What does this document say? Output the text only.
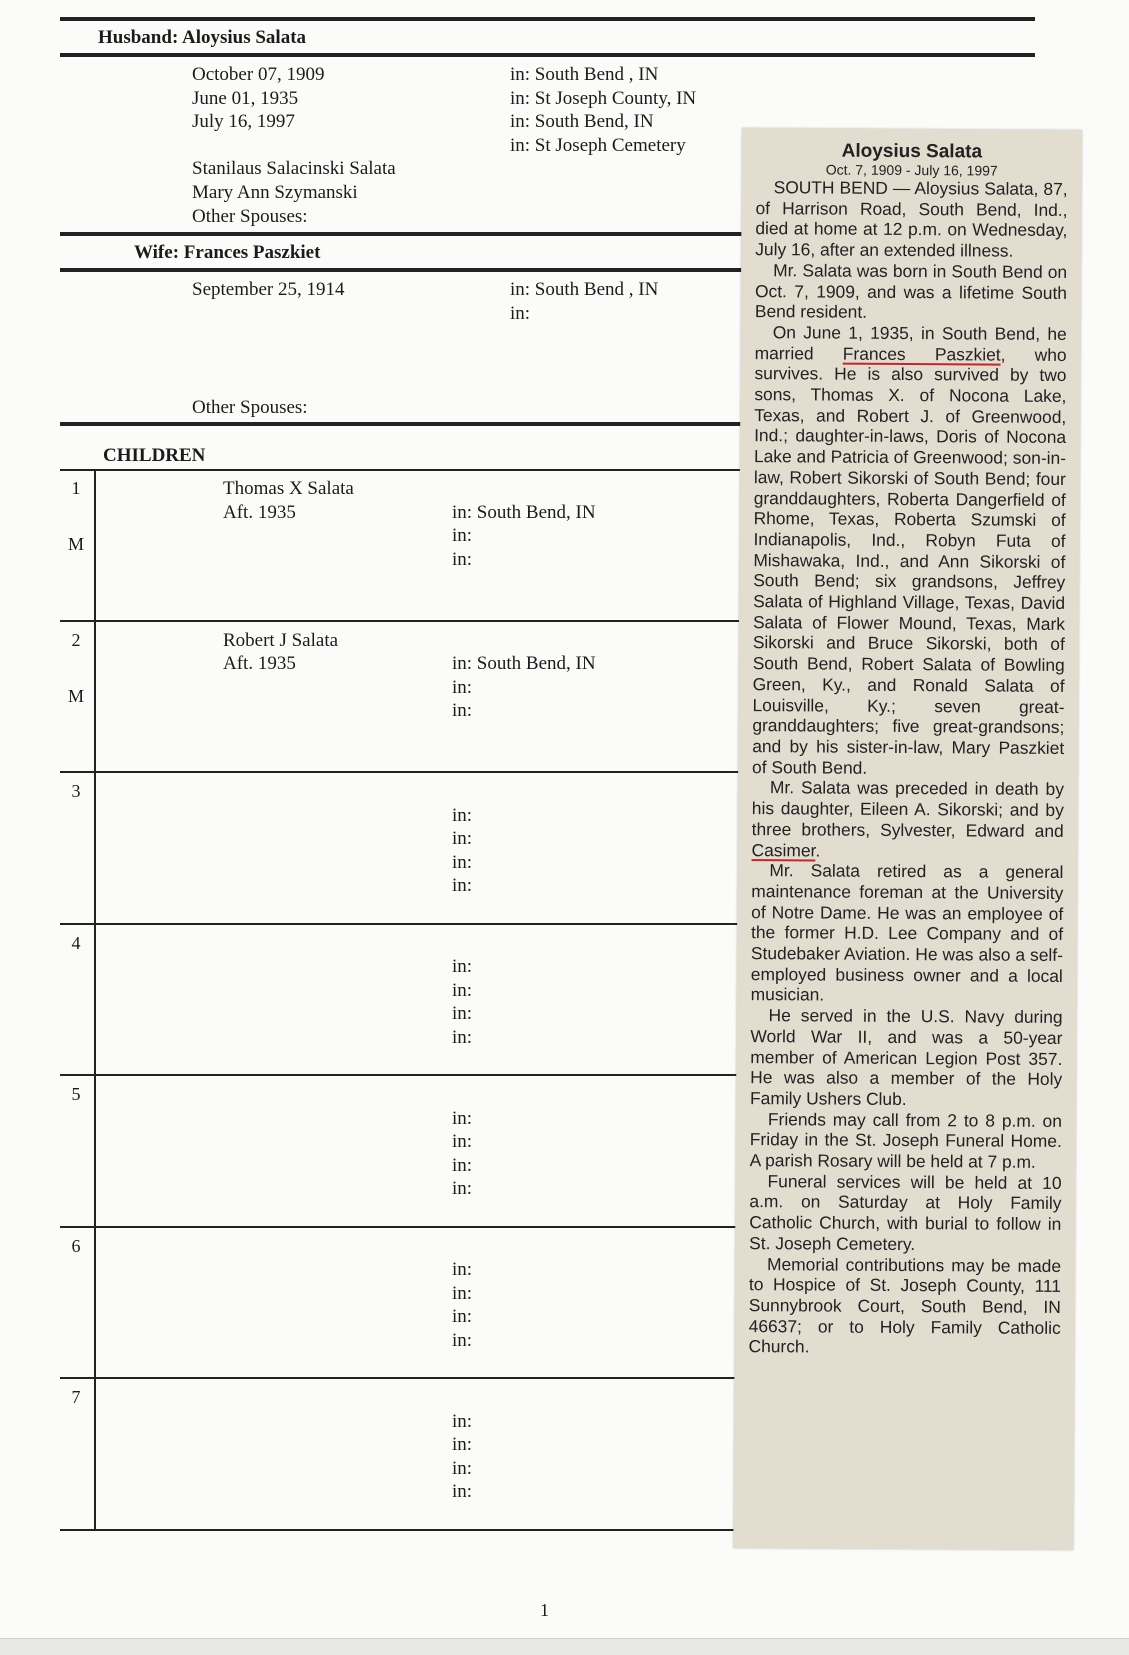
Husband: Aloysius Salata
October 07, 1909
June 01, 1935
July 16, 1997
Stanilaus Salacinski Salata
Mary Ann Szymanski
Other Spouses:
in: South Bend , IN
in: St Joseph County, IN
in: South Bend, IN
in: St Joseph Cemetery
Wife: Frances Paszkiet
September 25, 1914
Other Spouses:
in: South Bend , IN
in:
CHILDREN
1
M
Thomas X Salata
Aft. 1935	in: South Bend, IN
in:
in:
2
M
Robert J Salata
Aft. 1935	in: South Bend, IN
in:
in:
3
in:
in:
in:
in:
4
in:
in:
in:
in:
5
in:
in:
in:
in:
6
in:
in:
in:
in:
7
in:
in:
in:
in:
Aloysius Salata
Oct. 7, 1909 - July 16, 1997

SOUTH BEND — Aloysius Salata, 87, of Harrison Road, South Bend, Ind., died at home at 12 p.m. on Wednesday, July 16, after an extended illness.

Mr. Salata was born in South Bend on Oct. 7, 1909, and was a lifetime South Bend resident.

On June 1, 1935, in South Bend, he married Frances Paszkiet, who survives. He is also survived by two sons, Thomas X. of Nocona Lake, Texas, and Robert J. of Greenwood, Ind.; daughter-in-laws, Doris of Nocona Lake and Patricia of Greenwood; son-in-law, Robert Sikorski of South Bend; four granddaughters, Roberta Dangerfield of Rhome, Texas, Roberta Szumski of Indianapolis, Ind., Robyn Futa of Mishawaka, Ind., and Ann Sikorski of South Bend; six grandsons, Jeffrey Salata of Highland Village, Texas, David Salata of Flower Mound, Texas, Mark Sikorski and Bruce Sikorski, both of South Bend, Robert Salata of Bowling Green, Ky., and Ronald Salata of Louisville, Ky.; seven great-granddaughters; five great-grandsons; and by his sister-in-law, Mary Paszkiet of South Bend.

Mr. Salata was preceded in death by his daughter, Eileen A. Sikorski; and by three brothers, Sylvester, Edward and Casimer.

Mr. Salata retired as a general maintenance foreman at the University of Notre Dame. He was an employee of the former H.D. Lee Company and of Studebaker Aviation. He was also a self-employed business owner and a local musician.

He served in the U.S. Navy during World War II, and was a 50-year member of American Legion Post 357. He was also a member of the Holy Family Ushers Club.

Friends may call from 2 to 8 p.m. on Friday in the St. Joseph Funeral Home. A parish Rosary will be held at 7 p.m.

Funeral services will be held at 10 a.m. on Saturday at Holy Family Catholic Church, with burial to follow in St. Joseph Cemetery.

Memorial contributions may be made to Hospice of St. Joseph County, 111 Sunnybrook Court, South Bend, IN 46637; or to Holy Family Catholic Church.

1
